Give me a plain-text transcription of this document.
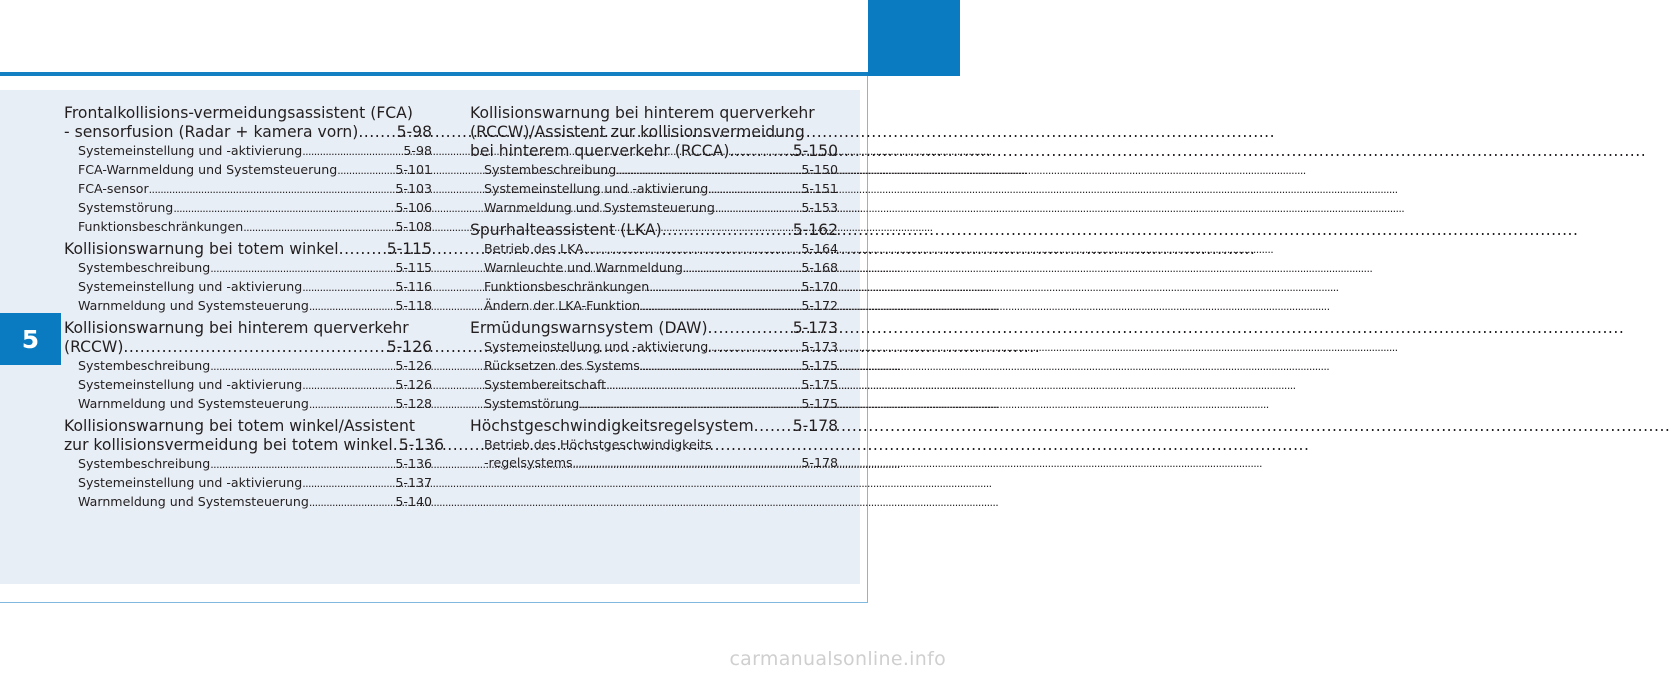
5
Frontalkollisions-vermeidungsassistent (FCA)
- sensorfusion (Radar + kamera vorn) ..... 5-98
Systemeinstellung und -aktivierung .....	5-98
FCA-Warnmeldung und Systemsteuerung .....	5-101
FCA-sensor .....	5-103
Systemstörung .....	5-106
Funktionsbeschränkungen .....	5-108
Kollisionswarnung bei totem winkel .....	5-115
Systembeschreibung .....	5-115
Systemeinstellung und -aktivierung .....	5-116
Warnmeldung und Systemsteuerung .....	5-118
Kollisionswarnung bei hinterem querverkehr
(RCCW) .....	5-126
Systembeschreibung .....	5-126
Systemeinstellung und -aktivierung .....	5-126
Warnmeldung und Systemsteuerung .....	5-128
Kollisionswarnung bei totem winkel/Assistent
zur kollisionsvermeidung bei totem winkel ..... 5-136
Systembeschreibung .....	5-136
Systemeinstellung und -aktivierung .....	5-137
Warnmeldung und Systemsteuerung .....	5-140
Kollisionswarnung bei hinterem querverkehr
(RCCW)/Assistent zur kollisionsvermeidung
bei hinterem querverkehr (RCCA) .....	5-150
Systembeschreibung .....	5-150
Systemeinstellung und -aktivierung .....	5-151
Warnmeldung und Systemsteuerung .....	5-153
Spurhalteassistent (LKA) .....	5-162
Betrieb des LKA .....	5-164
Warnleuchte und Warnmeldung .....	5-168
Funktionsbeschränkungen .....	5-170
Ändern der LKA-Funktion .....	5-172
Ermüdungswarnsystem (DAW) .....	5-173
Systemeinstellung und -aktivierung .....	5-173
Rücksetzen des Systems .....	5-175
Systembereitschaft .....	5-175
Systemstörung .....	5-175
Höchstgeschwindigkeitsregelsystem .....	5-178
Betrieb des Höchstgeschwindigkeits
-regelsystems .....	5-178
carmanualsonline.info
